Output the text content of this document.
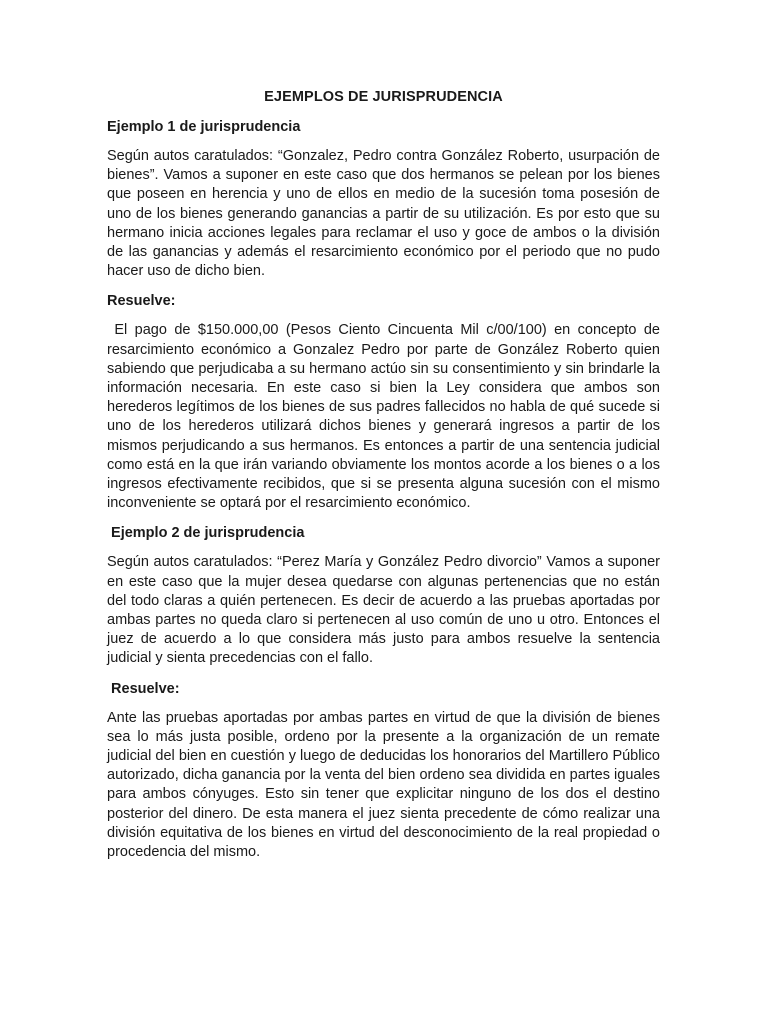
EJEMPLOS DE JURISPRUDENCIA
Ejemplo 1 de jurisprudencia

Según autos caratulados: “Gonzalez, Pedro contra González Roberto, usurpación de bienes”. Vamos a suponer en este caso que dos hermanos se pelean por los bienes que poseen en herencia y uno de ellos en medio de la sucesión toma posesión de uno de los bienes generando ganancias a partir de su utilización. Es por esto que su hermano inicia acciones legales para reclamar el uso y goce de ambos o la división de las ganancias y además el resarcimiento económico por el periodo que no pudo hacer uso de dicho bien.

Resuelve:

El pago de $150.000,00 (Pesos Ciento Cincuenta Mil c/00/100) en concepto de resarcimiento económico a Gonzalez Pedro por parte de González Roberto quien sabiendo que perjudicaba a su hermano actúo sin su consentimiento y sin brindarle la información necesaria. En este caso si bien la Ley considera que ambos son herederos legítimos de los bienes de sus padres fallecidos no habla de qué sucede si uno de los herederos utilizará dichos bienes y generará ingresos a partir de los mismos perjudicando a sus hermanos. Es entonces a partir de una sentencia judicial como está en la que irán variando obviamente los montos acorde a los bienes o a los ingresos efectivamente recibidos, que si se presenta alguna sucesión con el mismo inconveniente se optará por el resarcimiento económico.

Ejemplo 2 de jurisprudencia

Según autos caratulados: “Perez María y González Pedro divorcio” Vamos a suponer en este caso que la mujer desea quedarse con algunas pertenencias que no están del todo claras a quién pertenecen. Es decir de acuerdo a las pruebas aportadas por ambas partes no queda claro si pertenecen al uso común de uno u otro. Entonces el juez de acuerdo a lo que considera más justo para ambos resuelve la sentencia judicial y sienta precedencias con el fallo.

Resuelve:

Ante las pruebas aportadas por ambas partes en virtud de que la división de bienes sea lo más justa posible, ordeno por la presente a la organización de un remate judicial del bien en cuestión y luego de deducidas los honorarios del Martillero Público autorizado, dicha ganancia por la venta del bien ordeno sea dividida en partes iguales para ambos cónyuges. Esto sin tener que explicitar ninguno de los dos el destino posterior del dinero. De esta manera el juez sienta precedente de cómo realizar una división equitativa de los bienes en virtud del desconocimiento de la real propiedad o procedencia del mismo.
